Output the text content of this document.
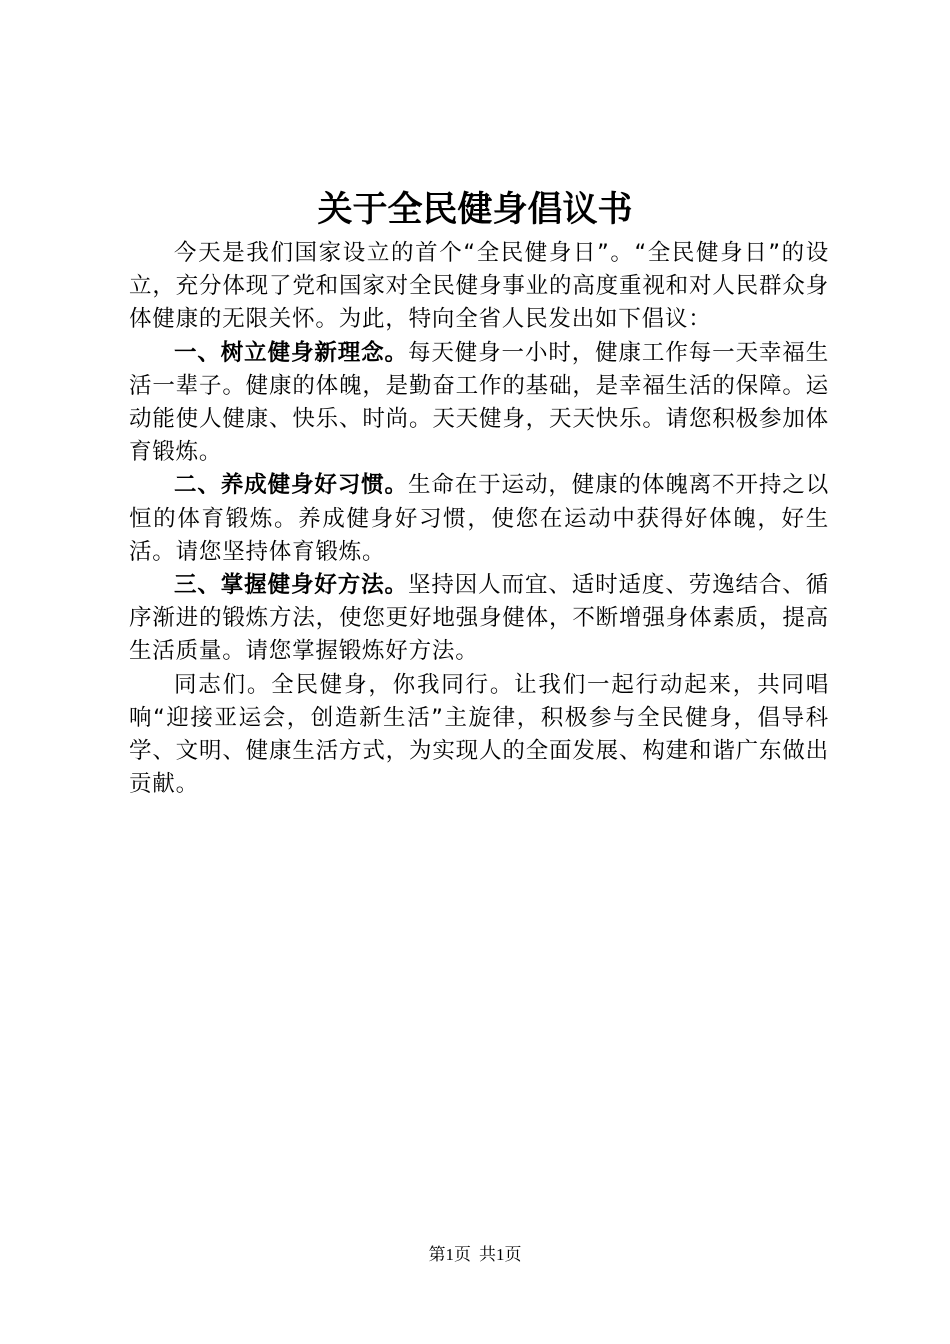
关于全民健身倡议书

今天是我们国家设立的首个“全民健身日”。“全民健身日”的设立，充分体现了党和国家对全民健身事业的高度重视和对人民群众身体健康的无限关怀。为此，特向全省人民发出如下倡议：

一、树立健身新理念。每天健身一小时，健康工作每一天幸福生活一辈子。健康的体魄，是勤奋工作的基础，是幸福生活的保障。运动能使人健康、快乐、时尚。天天健身，天天快乐。请您积极参加体育锻炼。

二、养成健身好习惯。生命在于运动，健康的体魄离不开持之以恒的体育锻炼。养成健身好习惯，使您在运动中获得好体魄，好生活。请您坚持体育锻炼。

三、掌握健身好方法。坚持因人而宜、适时适度、劳逸结合、循序渐进的锻炼方法，使您更好地强身健体，不断增强身体素质，提高生活质量。请您掌握锻炼好方法。

同志们。全民健身，你我同行。让我们一起行动起来，共同唱响“迎接亚运会，创造新生活”主旋律，积极参与全民健身，倡导科学、文明、健康生活方式，为实现人的全面发展、构建和谐广东做出贡献。

第1页 共1页
